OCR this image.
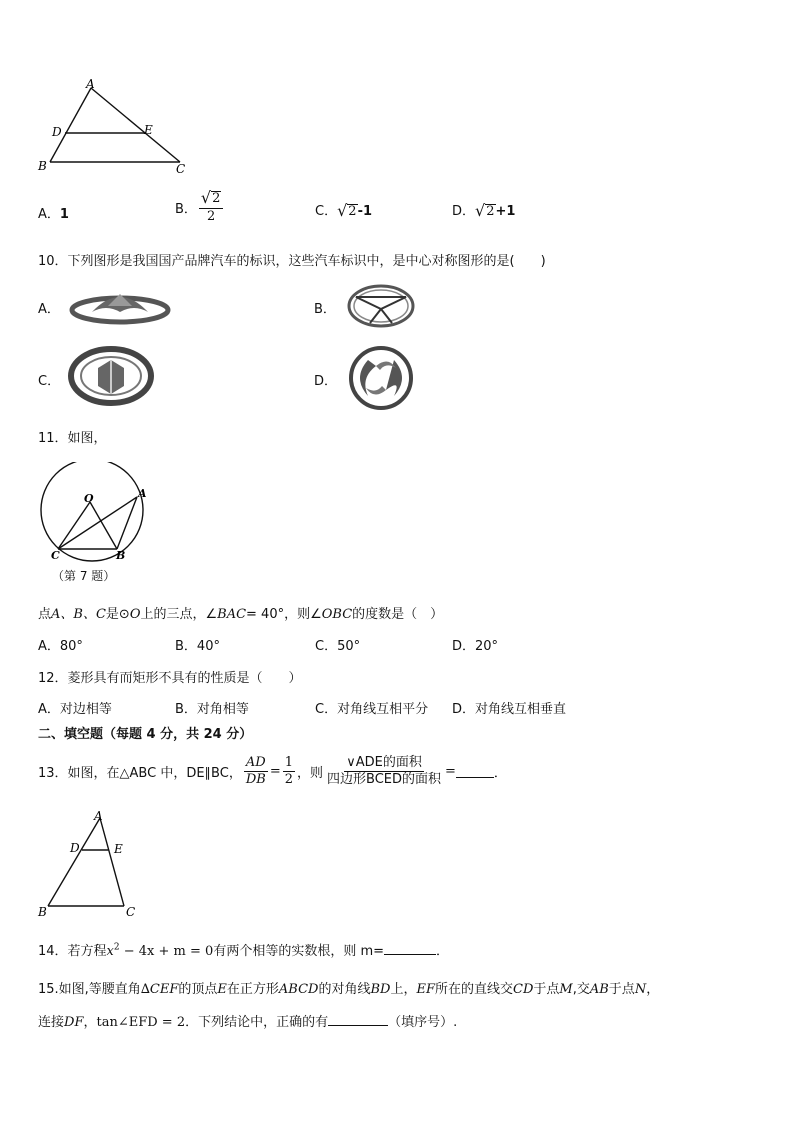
A
D	E
B	C
A．1	B． $\frac{√ 2}{2}$	C． √ 2 -1	D． √ 2 +1
10．下列图形是我国国产品牌汽车的标识，这些汽车标识中，是中心对称图形的是(　　)
A．	B．
C．	D．
11．如图，
O	A
C	B
（第 7 题）
点A、B、C是⊙O上的三点，∠BAC= 40°，则∠OBC的度数是（　）
A．80°	B．40°	C．50°	D．20°
12．菱形具有而矩形不具有的性质是（　　）
A．对边相等	B．对角相等	C．对角线互相平分 D．对角线互相垂直
二、填空题（每题 4 分，共 24 分）
13．如图，在△ABC 中，DE∥BC， $\frac{AD}{DB} = \frac{1}{2}$ ，则 $\frac{\text{∨ADE的面积}}{\text{四边形BCED的面积}}$ =	．
A
D	E
B	C
14．若方程$x^2 - 4x + m = 0$有两个相等的实数根，则 m=	．
15.如图,等腰直角∆CEF的顶点E在正方形ABCD的对角线BD上，EF所在的直线交CD于点M,交AB于点N，
连接DF，tan∠EFD = 2．下列结论中，正确的有	（填序号）.
